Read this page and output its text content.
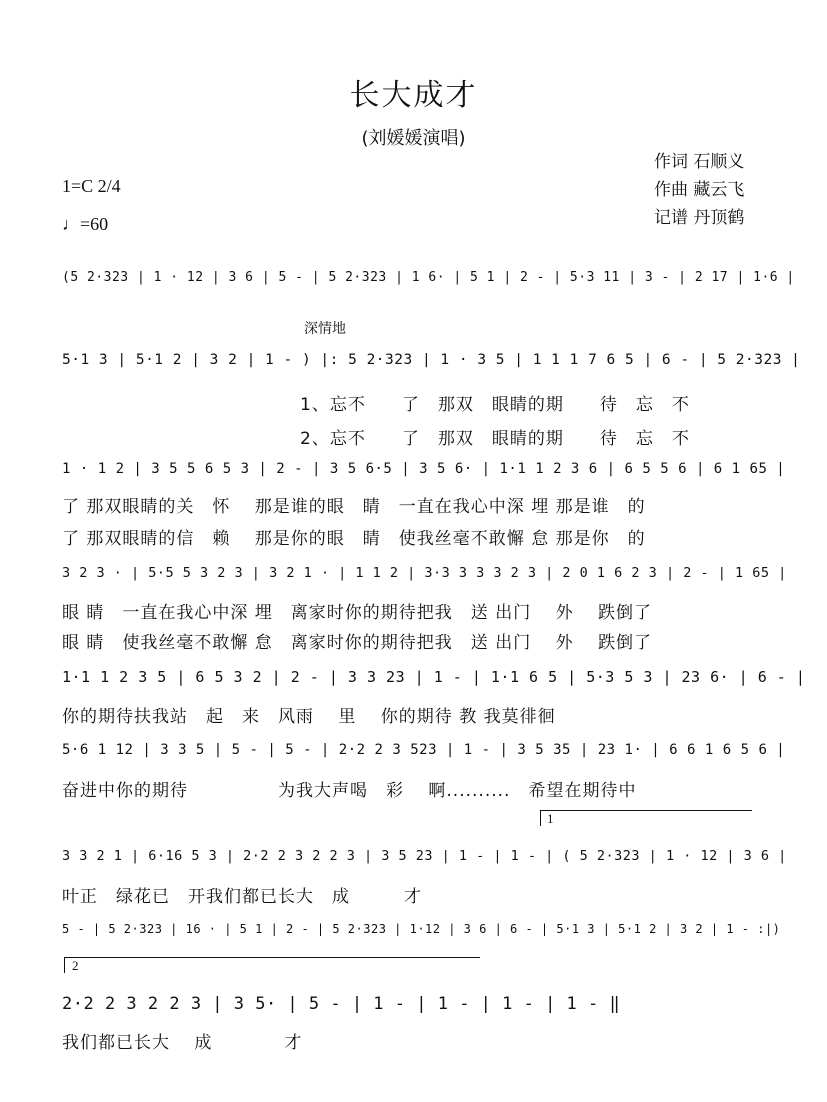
长大成才
(刘媛媛演唱)
作词 石顺义
作曲 藏云飞
记谱 丹顶鹤
1=C 2/4
♩=60
(5 2·323 | 1 · 12 | 3 6 | 5 - | 5 2·323 | 1 6· | 5 1 | 2 - | 5·3 11 | 3 - | 2 17 | 1·6 |
深情地
5·1 3 | 5·1 2 | 3 2 | 1 - ) |: 5 2·323 | 1 · 3 5 | 1 1 1 7 6 5 | 6 - | 5 2·323 |
1、忘不　　了　那双　眼睛的期　　待　忘　不
2、忘不　　了　那双　眼睛的期　　待　忘　不
1 · 1 2 | 3 5 5 6 5 3 | 2 - | 3 5 6·5 | 3 5 6· | 1·1 1 2 3 6 | 6 5 5 6 | 6 1 65 |
了 那双眼睛的关　怀　 那是谁的眼　睛　一直在我心中深 埋 那是谁　的
了 那双眼睛的信　赖　 那是你的眼　睛　使我丝毫不敢懈 怠 那是你　的
3 2 3 · | 5·5 5 3 2 3 | 3 2 1 · | 1 1 2 | 3·3 3 3 3 2 3 | 2 0 1 6 2 3 | 2 - | 1 65 |
眼 睛　一直在我心中深 埋　离家时你的期待把我　送 出门　 外　 跌倒了
眼 睛　使我丝毫不敢懈 怠　离家时你的期待把我　送 出门　 外　 跌倒了
1·1 1 2 3 5 | 6 5 3 2 | 2 - | 3 3 23 | 1 - | 1·1 6 5 | 5·3 5 3 | 23 6· | 6 - |
你的期待扶我站　起　来　风雨　 里　 你的期待 教 我莫徘徊
5·6 1 12 | 3 3 5 | 5 - | 5 - | 2·2 2 3 523 | 1 - | 3 5 35 | 23 1· | 6 6 1 6 5 6 |
奋进中你的期待　　　　　为我大声喝　彩　 啊..........　希望在期待中
1
3 3 2 1 | 6·16 5 3 | 2·2 2 3 2 2 3 | 3 5 23 | 1 - | 1 - | ( 5 2·323 | 1 · 12 | 3 6 |
叶正　绿花已　开我们都已长大　成　　　才
5 - | 5 2·323 | 16 · | 5 1 | 2 - | 5 2·323 | 1·12 | 3 6 | 6 - | 5·1 3 | 5·1 2 | 3 2 | 1 - :|)
2
2·2 2 3 2 2 3 | 3 5· | 5 - | 1 - | 1 - | 1 - | 1 - ‖
我们都已长大　 成　　　　才
